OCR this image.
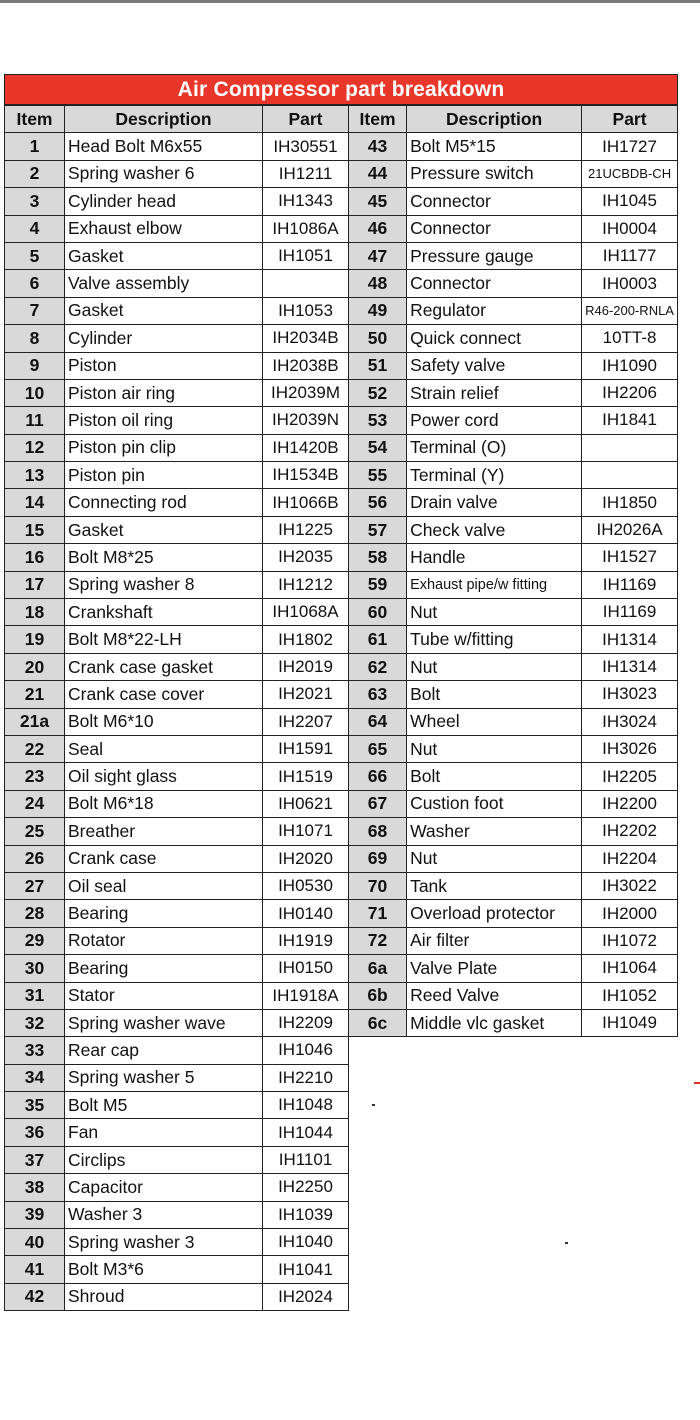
Air Compressor part breakdown
Item	Description	Part
1	Head Bolt M6x55	IH30551
2	Spring washer 6	IH1211
3	Cylinder head	IH1343
4	Exhaust elbow	IH1086A
5	Gasket	IH1051
6	Valve assembly	
7	Gasket	IH1053
8	Cylinder	IH2034B
9	Piston	IH2038B
10	Piston air ring	IH2039M
11	Piston oil ring	IH2039N
12	Piston pin clip	IH1420B
13	Piston pin	IH1534B
14	Connecting rod	IH1066B
15	Gasket	IH1225
16	Bolt M8*25	IH2035
17	Spring washer 8	IH1212
18	Crankshaft	IH1068A
19	Bolt M8*22-LH	IH1802
20	Crank case gasket	IH2019
21	Crank case cover	IH2021
21a	Bolt M6*10	IH2207
22	Seal	IH1591
23	Oil sight glass	IH1519
24	Bolt M6*18	IH0621
25	Breather	IH1071
26	Crank case	IH2020
27	Oil seal	IH0530
28	Bearing	IH0140
29	Rotator	IH1919
30	Bearing	IH0150
31	Stator	IH1918A
32	Spring washer wave	IH2209
33	Rear cap	IH1046
34	Spring washer 5	IH2210
35	Bolt M5	IH1048
36	Fan	IH1044
37	Circlips	IH1101
38	Capacitor	IH2250
39	Washer 3	IH1039
40	Spring washer 3	IH1040
41	Bolt M3*6	IH1041
42	Shroud	IH2024
Item	Description	Part
43	Bolt M5*15	IH1727
44	Pressure switch	21UCBDB-CH
45	Connector	IH1045
46	Connector	IH0004
47	Pressure gauge	IH1177
48	Connector	IH0003
49	Regulator	R46-200-RNLA
50	Quick connect	10TT-8
51	Safety valve	IH1090
52	Strain relief	IH2206
53	Power cord	IH1841
54	Terminal (O)	
55	Terminal (Y)	
56	Drain valve	IH1850
57	Check valve	IH2026A
58	Handle	IH1527
59	Exhaust pipe/w fitting	IH1169
60	Nut	IH1169
61	Tube w/fitting	IH1314
62	Nut	IH1314
63	Bolt	IH3023
64	Wheel	IH3024
65	Nut	IH3026
66	Bolt	IH2205
67	Custion foot	IH2200
68	Washer	IH2202
69	Nut	IH2204
70	Tank	IH3022
71	Overload protector	IH2000
72	Air filter	IH1072
6a	Valve Plate	IH1064
6b	Reed Valve	IH1052
6c	Middle vlc gasket	IH1049
